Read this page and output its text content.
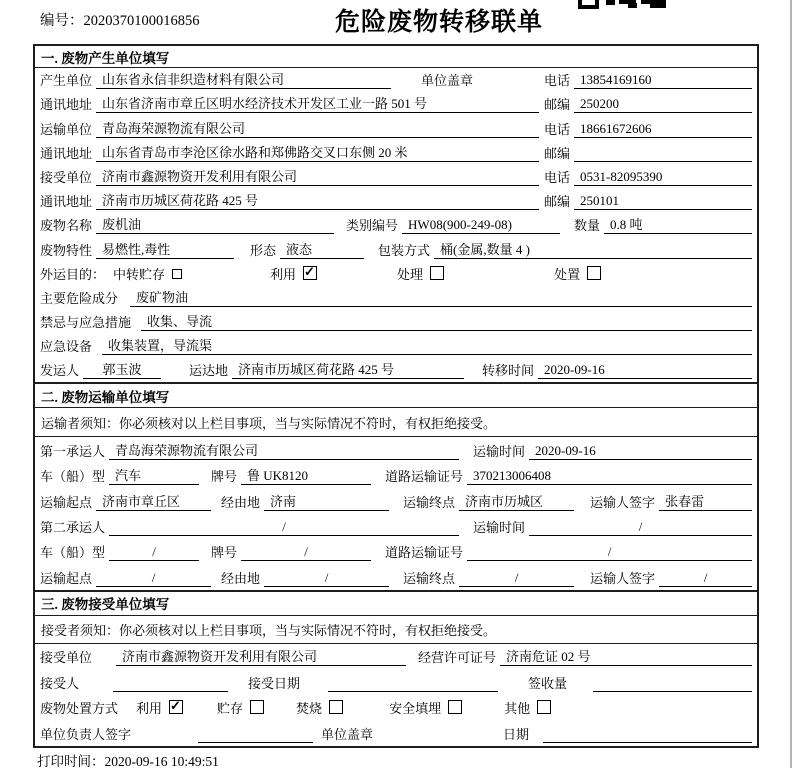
编号：2020370100016856	危险废物转移联单
一. 废物产生单位填写
产生单位 山东省永信非织造材料有限公司	单位盖章	电话 13854169160
通讯地址 山东省济南市章丘区明水经济技术开发区工业一路 501 号	邮编 250200
运输单位 青岛海荣源物流有限公司	电话 18661672606
通讯地址 山东省青岛市李沧区徐水路和郑佛路交叉口东侧 20 米	邮编
接受单位 济南市鑫源物资开发利用有限公司	电话 0531-82095390
通讯地址 济南市历城区荷花路 425 号	邮编 250101
废物名称 废机油	类别编号 HW08(900-249-08)	数量 0.8 吨
废物特性 易燃性,毒性	形态 液态	包装方式 桶(金属,数量 4 )
外运目的： 中转贮存	利用 ✓	处理	处置
主要危险成分	废矿物油
禁忌与应急措施	收集、导流
应急设备	收集装置，导流渠
发运人	郭玉波	运达地 济南市历城区荷花路 425 号	转移时间 2020-09-16
二. 废物运输单位填写
运输者须知：你必须核对以上栏目事项，当与实际情况不符时，有权拒绝接受。
第一承运人 青岛海荣源物流有限公司	运输时间 2020-09-16
车（船）型 汽车	牌号 鲁 UK8120	道路运输证号 370213006408
运输起点 济南市章丘区	经由地 济南	运输终点 济南市历城区	运输人签字 张春雷
第二承运人	/	运输时间	/
车（船）型	/	牌号	/	道路运输证号	/
运输起点	/	经由地	/	运输终点	/	运输人签字	/
三. 废物接受单位填写
接受者须知：你必须核对以上栏目事项，当与实际情况不符时，有权拒绝接受。
接受单位	济南市鑫源物资开发利用有限公司	经营许可证号 济南危证 02 号
接受人	接受日期	签收量
废物处置方式 利用 ✓	贮存	焚烧	安全填埋	其他
单位负责人签字	单位盖章	日期
打印时间：2020-09-16 10:49:51
